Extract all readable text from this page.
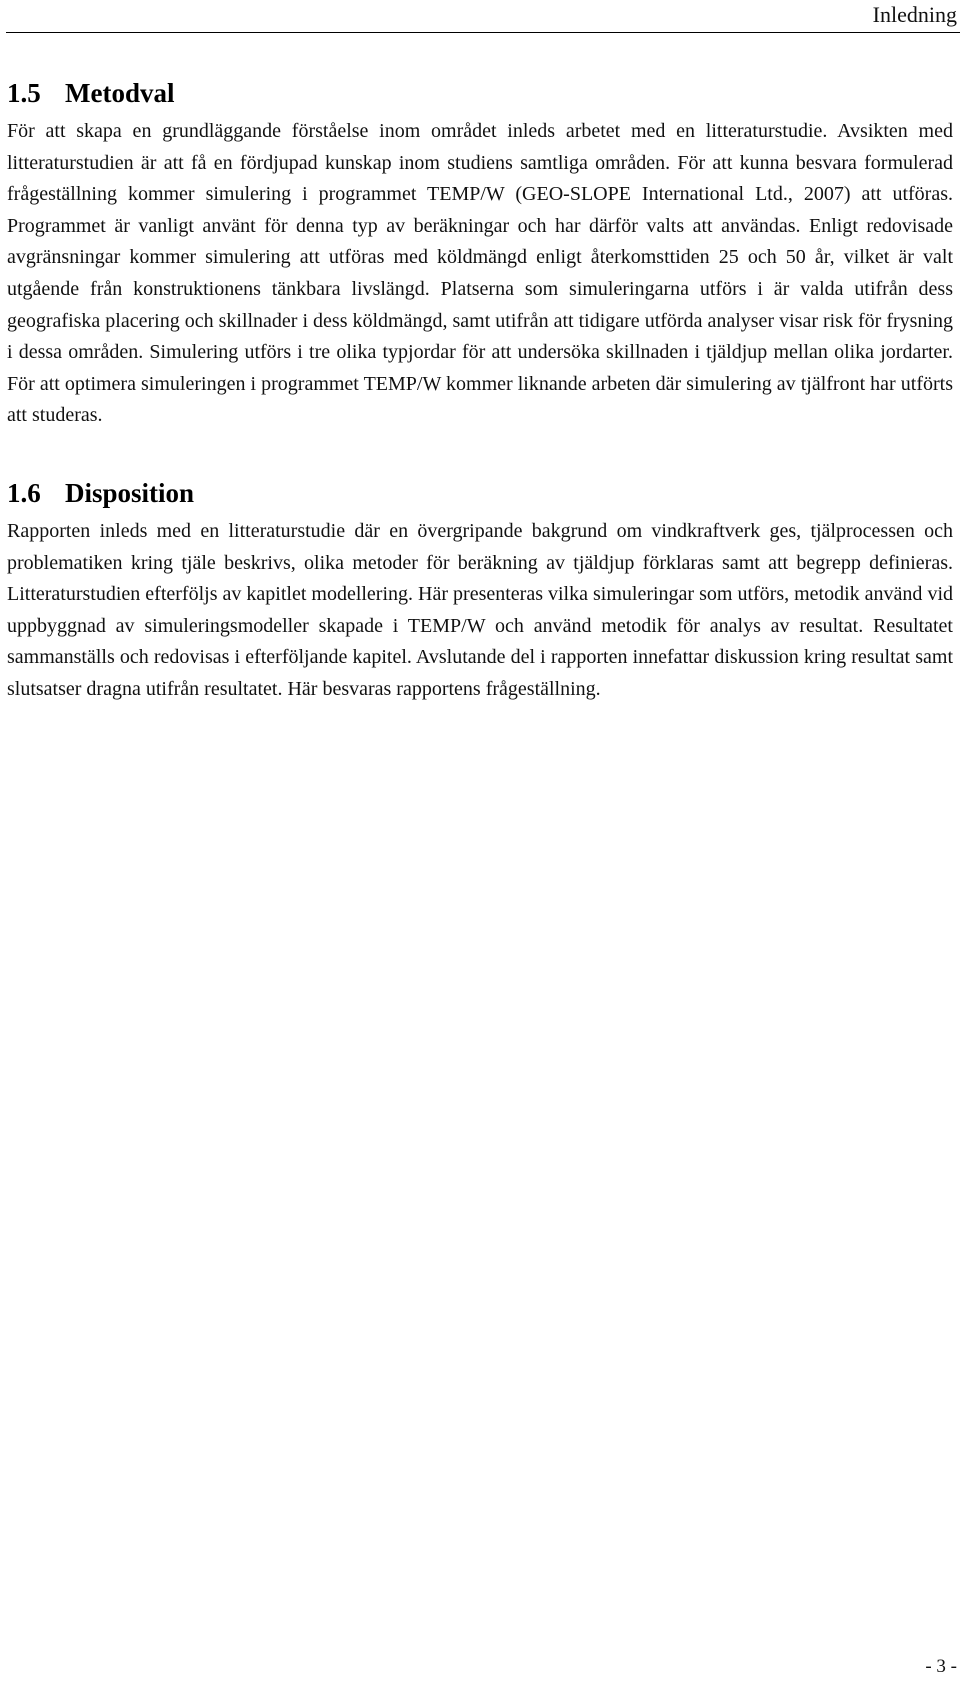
Inledning
1.5 Metodval

För att skapa en grundläggande förståelse inom området inleds arbetet med en litteraturstudie. Avsikten med litteraturstudien är att få en fördjupad kunskap inom studiens samtliga områden. För att kunna besvara formulerad frågeställning kommer simulering i programmet TEMP/W (GEO-SLOPE International Ltd., 2007) att utföras. Programmet är vanligt använt för denna typ av beräkningar och har därför valts att användas. Enligt redovisade avgränsningar kommer simulering att utföras med köldmängd enligt återkomsttiden 25 och 50 år, vilket är valt utgående från konstruktionens tänkbara livslängd. Platserna som simuleringarna utförs i är valda utifrån dess geografiska placering och skillnader i dess köldmängd, samt utifrån att tidigare utförda analyser visar risk för frysning i dessa områden. Simulering utförs i tre olika typjordar för att undersöka skillnaden i tjäldjup mellan olika jordarter. För att optimera simuleringen i programmet TEMP/W kommer liknande arbeten där simulering av tjälfront har utförts att studeras.

1.6 Disposition

Rapporten inleds med en litteraturstudie där en övergripande bakgrund om vindkraftverk ges, tjälprocessen och problematiken kring tjäle beskrivs, olika metoder för beräkning av tjäldjup förklaras samt att begrepp definieras. Litteraturstudien efterföljs av kapitlet modellering. Här presenteras vilka simuleringar som utförs, metodik använd vid uppbyggnad av simuleringsmodeller skapade i TEMP/W och använd metodik för analys av resultat. Resultatet sammanställs och redovisas i efterföljande kapitel. Avslutande del i rapporten innefattar diskussion kring resultat samt slutsatser dragna utifrån resultatet. Här besvaras rapportens frågeställning.

- 3 -
